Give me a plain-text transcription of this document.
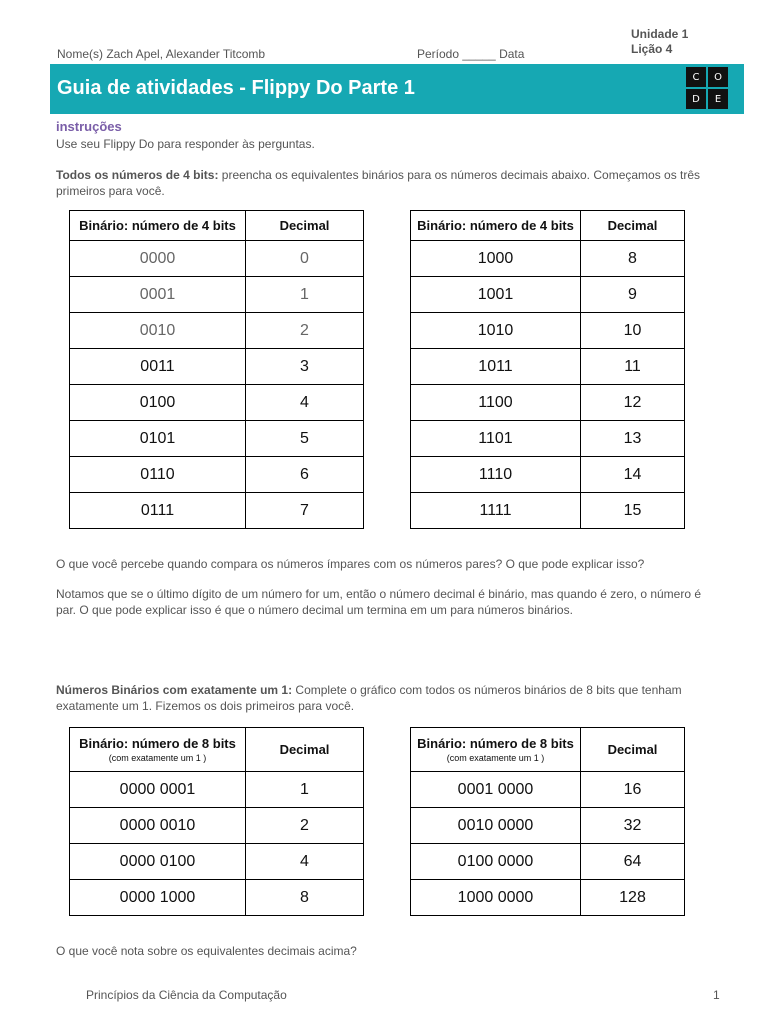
Unidade 1
Lição 4
Nome(s) Zach Apel, Alexander Titcomb	Período _____ Data
Guia de atividades - Flippy Do Parte 1	C	O
D	E
instruções
Use seu Flippy Do para responder às perguntas.
Todos os números de 4 bits: preencha os equivalentes binários para os números decimais abaixo. Começamos os três primeiros para você.
Binário: número de 4 bits	Decimal
0000	0
0001	1
0010	2
0011	3
0100	4
0101	5
0110	6
0111	7
Binário: número de 4 bits	Decimal
1000	8
1001	9
1010	10
1011	11
1100	12
1101	13
1110	14
1111	15
O que você percebe quando compara os números ímpares com os números pares? O que pode explicar isso?
Notamos que se o último dígito de um número for um, então o número decimal é binário, mas quando é zero, o número é par. O que pode explicar isso é que o número decimal um termina em um para números binários.
Números Binários com exatamente um 1: Complete o gráfico com todos os números binários de 8 bits que tenham exatamente um 1. Fizemos os dois primeiros para você.
Binário: número de 8 bits
(com exatamente um 1 )	Decimal
0000 0001	1
0000 0010	2
0000 0100	4
0000 1000	8
Binário: número de 8 bits
(com exatamente um 1 )	Decimal
0001 0000	16
0010 0000	32
0100 0000	64
1000 0000	128
O que você nota sobre os equivalentes decimais acima?
Princípios da Ciência da Computação	1
